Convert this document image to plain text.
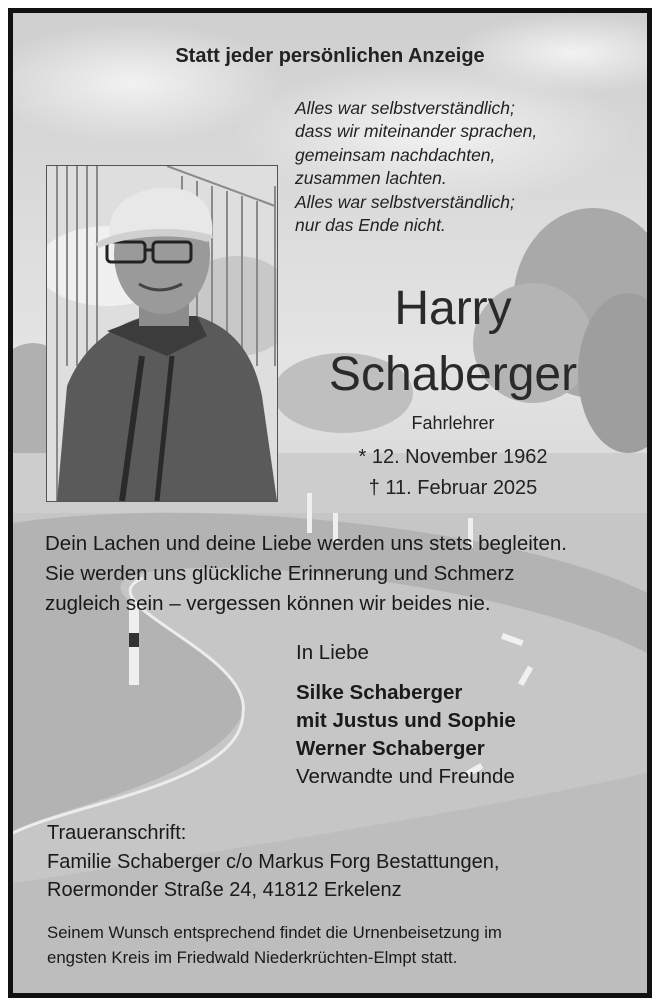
Statt jeder persönlichen Anzeige
Alles war selbstverständlich;
dass wir miteinander sprachen,
gemeinsam nachdachten,
zusammen lachten.
Alles war selbstverständlich;
nur das Ende nicht.
Harry
Schaberger
Fahrlehrer
* 12. November 1962
† 11. Februar 2025
Dein Lachen und deine Liebe werden uns stets begleiten.
Sie werden uns glückliche Erinnerung und Schmerz
zugleich sein – vergessen können wir beides nie.
In Liebe
Silke Schaberger
mit Justus und Sophie
Werner Schaberger
Verwandte und Freunde
Traueranschrift:
Familie Schaberger c/o Markus Forg Bestattungen,
Roermonder Straße 24, 41812 Erkelenz
Seinem Wunsch entsprechend findet die Urnenbeisetzung im
engsten Kreis im Friedwald Niederkrüchten-Elmpt statt.
